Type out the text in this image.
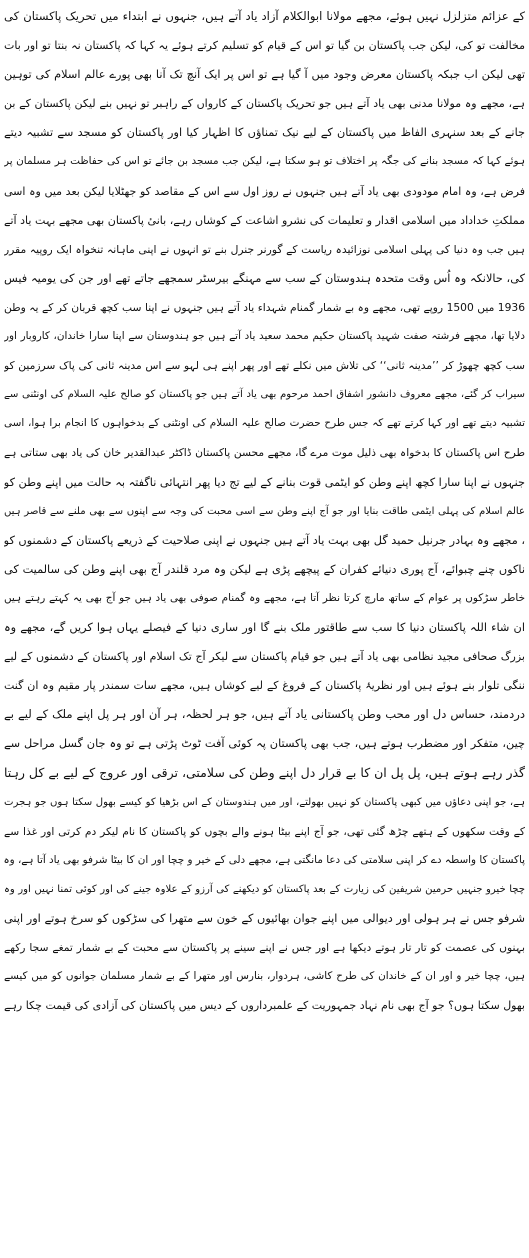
کے عزائم متزلزل نہیں ہوئے، مجھے مولانا ابوالکلام آزاد یاد آتے ہیں، جنہوں نے ابتداء میں تحریک پاکستان کی
مخالفت تو کی، لیکن جب پاکستان بن گیا تو اس کے قیام کو تسلیم کرتے ہوئے یہ کہا کہ پاکستان نہ بنتا تو اور بات
تھی لیکن اب جبکہ پاکستان معرض وجود میں آ گیا ہے تو اس پر ایک آنچ تک آنا بھی پورے عالم اسلام کی توہین
ہے، مجھے وہ مولانا مدنی بھی یاد آتے ہیں جو تحریک پاکستان کے کارواں کے راہبر تو نہیں بنے لیکن پاکستان کے بن
جانے کے بعد سنہری الفاظ میں پاکستان کے لیے نیک تمناؤں کا اظہار کیا اور پاکستان کو مسجد سے تشبیہ دیتے
ہوئے کہا کہ مسجد بنانے کی جگہ پر اختلاف تو ہو سکتا ہے، لیکن جب مسجد بن جائے تو اس کی حفاظت ہر مسلمان پر
فرض ہے، وہ امام مودودی بھی یاد آتے ہیں جنہوں نے روز اول سے اس کے مقاصد کو جھٹلایا لیکن بعد میں وہ اسی
مملکتِ خداداد میں اسلامی اقدار و تعلیمات کی نشرو اشاعت کے کوشاں رہے، بانیٔ پاکستان بھی مجھے بہت یاد آتے
ہیں جب وہ دنیا کی پہلی اسلامی نوزائیدہ ریاست کے گورنر جنرل بنے تو انہوں نے اپنی ماہانہ تنخواہ ایک روپیہ مقرر
کی، حالانکہ وہ اُس وقت متحدہ ہندوستان کے سب سے مہنگے بیرسٹر سمجھے جاتے تھے اور جن کی یومیہ فیس
1936 میں 1500 روپے تھی، مجھے وہ بے شمار گمنام شہداء یاد آتے ہیں جنہوں نے اپنا سب کچھ قربان کر کے یہ وطن
دلایا تھا، مجھے فرشتہ صفت شہید پاکستان حکیم محمد سعید یاد آتے ہیں جو ہندوستان سے اپنا سارا خاندان، کاروبار اور
سب کچھ چھوڑ کر ’’مدینہ ثانی‘‘ کی تلاش میں نکلے تھے اور پھر اپنے ہی لہو سے اس مدینہ ثانی کی پاک سرزمین کو
سیراب کر گئے، مجھے معروف دانشور اشفاق احمد مرحوم بھی یاد آتے ہیں جو پاکستان کو صالح علیہ السلام کی اونٹنی سے
تشبیہ دیتے تھے اور کہا کرتے تھے کہ جس طرح حضرت صالح علیہ السلام کی اونٹنی کے بدخواہوں کا انجام برا ہوا، اسی
طرح اس پاکستان کا بدخواہ بھی ذلیل موت مرے گا، مجھے محسن پاکستان ڈاکٹر عبدالقدیر خان کی یاد بھی ستاتی ہے
جنہوں نے اپنا سارا کچھ اپنے وطن کو ایٹمی قوت بنانے کے لیے تج دیا پھر انتہائی ناگفتہ بہ حالت میں اپنے وطن کو
عالم اسلام کی پہلی ایٹمی طاقت بنایا اور جو آج اپنے وطن سے اسی محبت کی وجہ سے اپنوں سے بھی ملنے سے قاصر ہیں
، مجھے وہ بہادر جرنیل حمید گل بھی بہت یاد آتے ہیں جنہوں نے اپنی صلاحیت کے ذریعے پاکستان کے دشمنوں کو
ناکوں چنے چبوائے، آج پوری دنیائے کفران کے پیچھے پڑی ہے لیکن وہ مرد قلندر آج بھی اپنے وطن کی سالمیت کی
خاطر سڑکوں پر عوام کے ساتھ مارچ کرتا نظر آتا ہے، مجھے وہ گمنام صوفی بھی یاد ہیں جو آج بھی یہ کہتے رہتے ہیں
ان شاء اللہ پاکستان دنیا کا سب سے طاقتور ملک بنے گا اور ساری دنیا کے فیصلے یہاں ہوا کریں گے، مجھے وہ
بزرگ صحافی مجید نظامی بھی یاد آتے ہیں جو قیام پاکستان سے لیکر آج تک اسلام اور پاکستان کے دشمنوں کے لیے
ننگی تلوار بنے ہوئے ہیں اور نظریۂ پاکستان کے فروغ کے لیے کوشاں ہیں، مجھے سات سمندر پار مقیم وہ ان گنت
دردمند، حساس دل اور محب وطن پاکستانی یاد آتے ہیں، جو ہر لحظہ، ہر آن اور ہر پل اپنے ملک کے لیے بے
چین، متفکر اور مضطرب ہوتے ہیں، جب بھی پاکستان پہ کوئی آفت ٹوٹ پڑتی ہے تو وہ جان گسل مراحل سے
گذر رہے ہوتے ہیں، پل پل ان کا بے قرار دل اپنے وطن کی سلامتی، ترقی اور عروج کے لیے بے کل رہتا
ہے، جو اپنی دعاؤں میں کبھی پاکستان کو نہیں بھولتے، اور میں ہندوستان کے اس بڑھیا کو کیسے بھول سکتا ہوں جو ہجرت
کے وقت سکھوں کے ہتھے چڑھ گئی تھی، جو آج اپنے بیٹا ہونے والے بچوں کو پاکستان کا نام لیکر دم کرتی اور غذا سے
پاکستان کا واسطہ دے کر اپنی سلامتی کی دعا مانگتی ہے، مجھے دلی کے خیر و چچا اور ان کا بیٹا شرفو بھی یاد آتا ہے، وہ
چچا خیرو جنہیں حرمین شریفین کی زیارت کے بعد پاکستان کو دیکھنے کی آرزو کے علاوہ جینے کی اور کوئی تمنا نہیں اور وہ
شرفو جس نے ہر ہولی اور دیوالی میں اپنے جوان بھائیوں کے خون سے متھرا کی سڑکوں کو سرخ ہوتے اور اپنی
بہنوں کی عصمت کو تار تار ہوتے دیکھا ہے اور جس نے اپنے سینے پر پاکستان سے محبت کے بے شمار تمغے سجا رکھے
ہیں، چچا خیر و اور ان کے خاندان کی طرح کاشی، ہردوار، بنارس اور متھرا کے بے شمار مسلمان جوانوں کو میں کیسے
بھول سکتا ہوں؟ جو آج بھی نام نہاد جمہوریت کے علمبرداروں کے دیس میں پاکستان کی آزادی کی قیمت چکا رہے
